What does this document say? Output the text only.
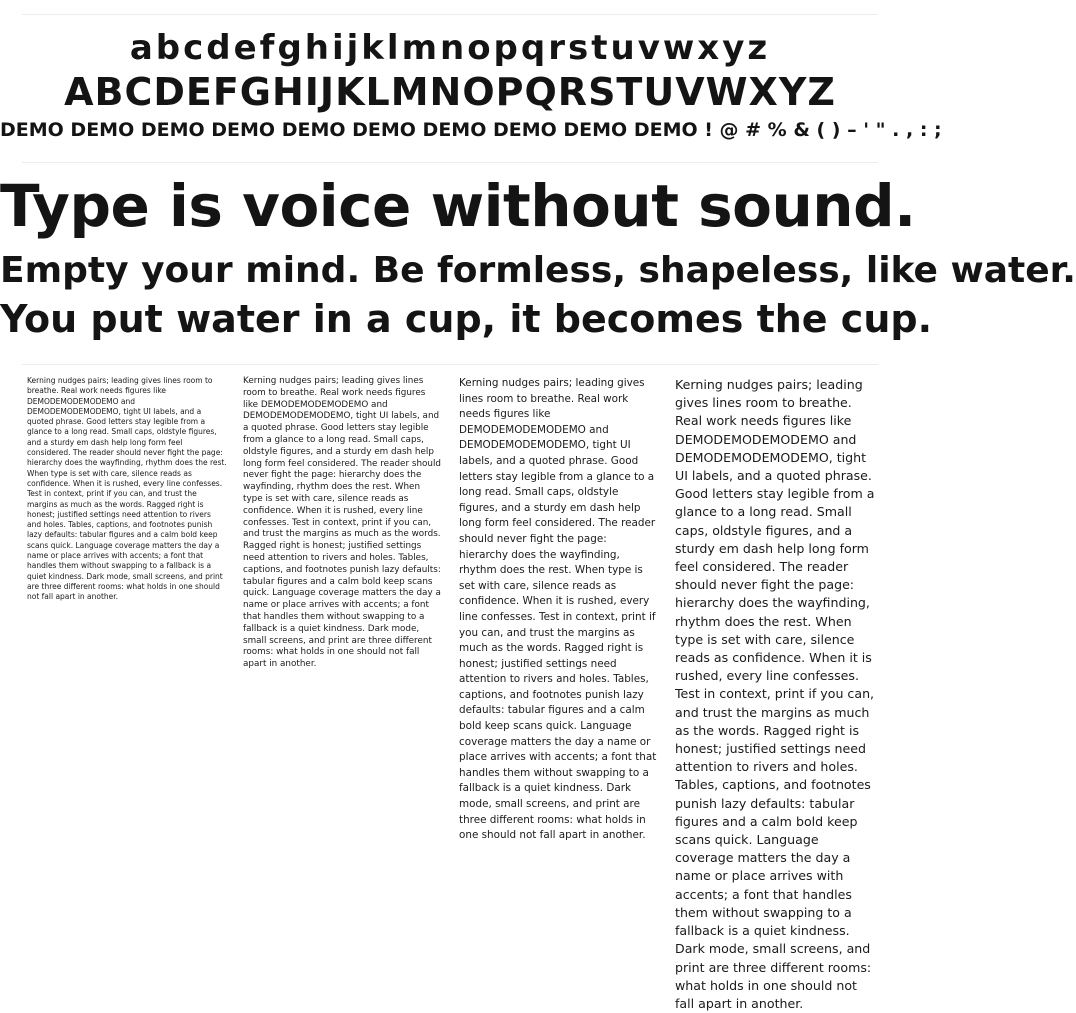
abcdefghijklmnopqrstuvwxyz
ABCDEFGHIJKLMNOPQRSTUVWXYZ
DEMO DEMO DEMO DEMO DEMO DEMO DEMO DEMO DEMO DEMO ! @ # % & ( ) – ' " . , : ;
Type is voice without sound.
Empty your mind. Be formless, shapeless, like water.
You put water in a cup, it becomes the cup.

Kerning nudges pairs; leading gives lines room to breathe. Real work needs figures like DEMODEMODEMODEMO and DEMODEMODEMODEMO, tight UI labels, and a quoted phrase. Good letters stay legible from a glance to a long read. Small caps, oldstyle figures, and a sturdy em dash help long form feel considered. The reader should never fight the page: hierarchy does the wayfinding, rhythm does the rest. When type is set with care, silence reads as confidence. When it is rushed, every line confesses. Test in context, print if you can, and trust the margins as much as the words. Ragged right is honest; justified settings need attention to rivers and holes. Tables, captions, and footnotes punish lazy defaults: tabular figures and a calm bold keep scans quick. Language coverage matters the day a name or place arrives with accents; a font that handles them without swapping to a fallback is a quiet kindness. Dark mode, small screens, and print are three different rooms: what holds in one should not fall apart in another.

Kerning nudges pairs; leading gives lines room to breathe. Real work needs figures like DEMODEMODEMODEMO and DEMODEMODEMODEMO, tight UI labels, and a quoted phrase. Good letters stay legible from a glance to a long read. Small caps, oldstyle figures, and a sturdy em dash help long form feel considered. The reader should never fight the page: hierarchy does the wayfinding, rhythm does the rest. When type is set with care, silence reads as confidence. When it is rushed, every line confesses. Test in context, print if you can, and trust the margins as much as the words. Ragged right is honest; justified settings need attention to rivers and holes. Tables, captions, and footnotes punish lazy defaults: tabular figures and a calm bold keep scans quick. Language coverage matters the day a name or place arrives with accents; a font that handles them without swapping to a fallback is a quiet kindness. Dark mode, small screens, and print are three different rooms: what holds in one should not fall apart in another.

Kerning nudges pairs; leading gives lines room to breathe. Real work needs figures like DEMODEMODEMODEMO and DEMODEMODEMODEMO, tight UI labels, and a quoted phrase. Good letters stay legible from a glance to a long read. Small caps, oldstyle figures, and a sturdy em dash help long form feel considered. The reader should never fight the page: hierarchy does the wayfinding, rhythm does the rest. When type is set with care, silence reads as confidence. When it is rushed, every line confesses. Test in context, print if you can, and trust the margins as much as the words. Ragged right is honest; justified settings need attention to rivers and holes. Tables, captions, and footnotes punish lazy defaults: tabular figures and a calm bold keep scans quick. Language coverage matters the day a name or place arrives with accents; a font that handles them without swapping to a fallback is a quiet kindness. Dark mode, small screens, and print are three different rooms: what holds in one should not fall apart in another.

Kerning nudges pairs; leading gives lines room to breathe. Real work needs figures like DEMODEMODEMODEMO and DEMODEMODEMODEMO, tight UI labels, and a quoted phrase. Good letters stay legible from a glance to a long read. Small caps, oldstyle figures, and a sturdy em dash help long form feel considered. The reader should never fight the page: hierarchy does the wayfinding, rhythm does the rest. When type is set with care, silence reads as confidence. When it is rushed, every line confesses. Test in context, print if you can, and trust the margins as much as the words. Ragged right is honest; justified settings need attention to rivers and holes. Tables, captions, and footnotes punish lazy defaults: tabular figures and a calm bold keep scans quick. Language coverage matters the day a name or place arrives with accents; a font that handles them without swapping to a fallback is a quiet kindness. Dark mode, small screens, and print are three different rooms: what holds in one should not fall apart in another.
